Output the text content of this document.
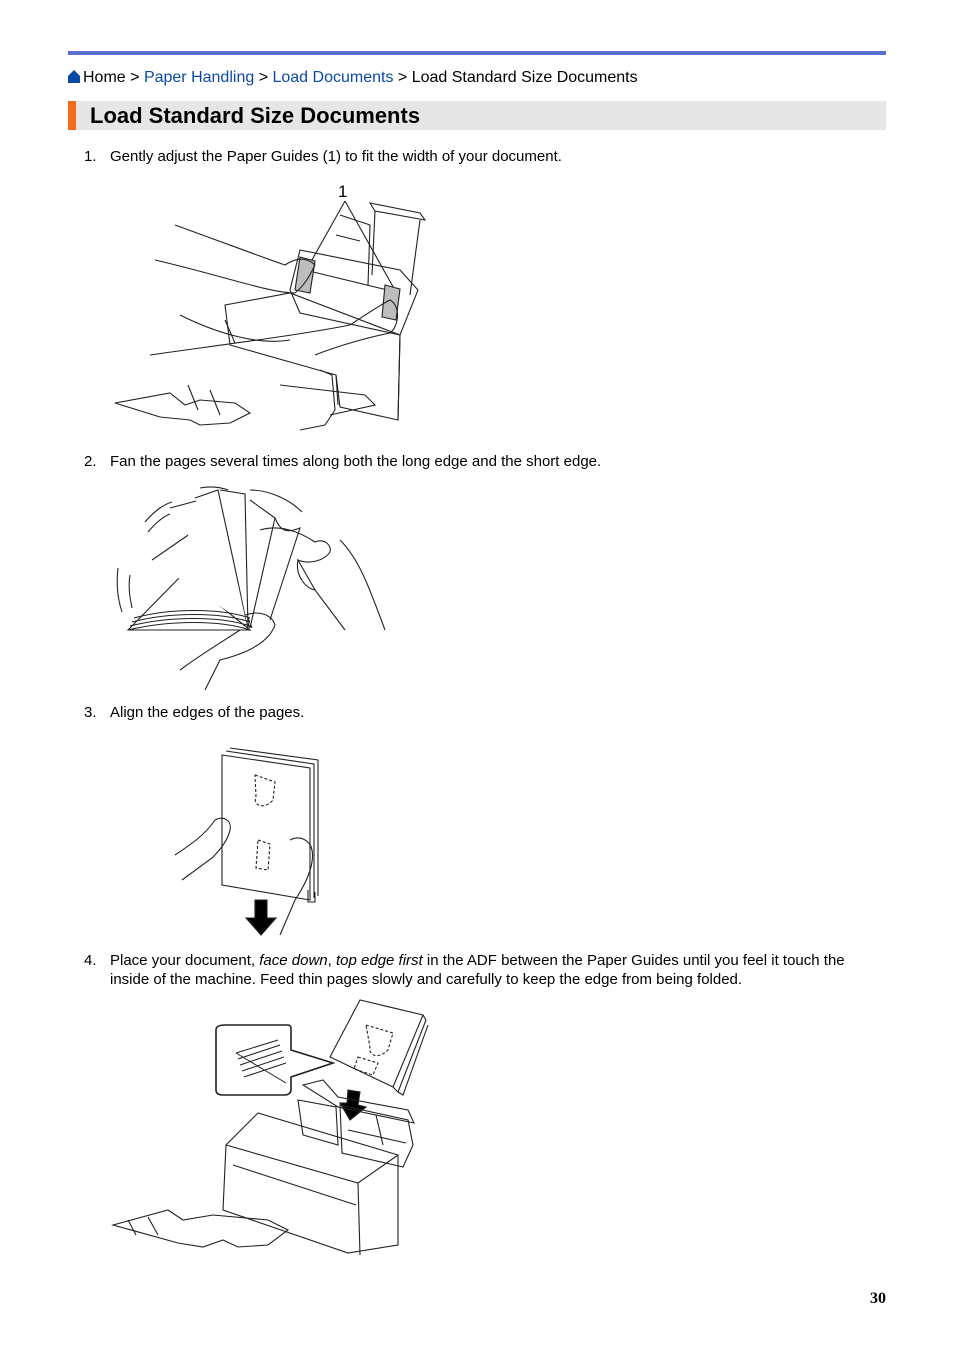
Home > Paper Handling > Load Documents > Load Standard Size Documents
Load Standard Size Documents
1. Gently adjust the Paper Guides (1) to fit the width of your document.
1
2. Fan the pages several times along both the long edge and the short edge.
3. Align the edges of the pages.
4. Place your document, face down, top edge first in the ADF between the Paper Guides until you feel it touch the inside of the machine. Feed thin pages slowly and carefully to keep the edge from being folded.
30
